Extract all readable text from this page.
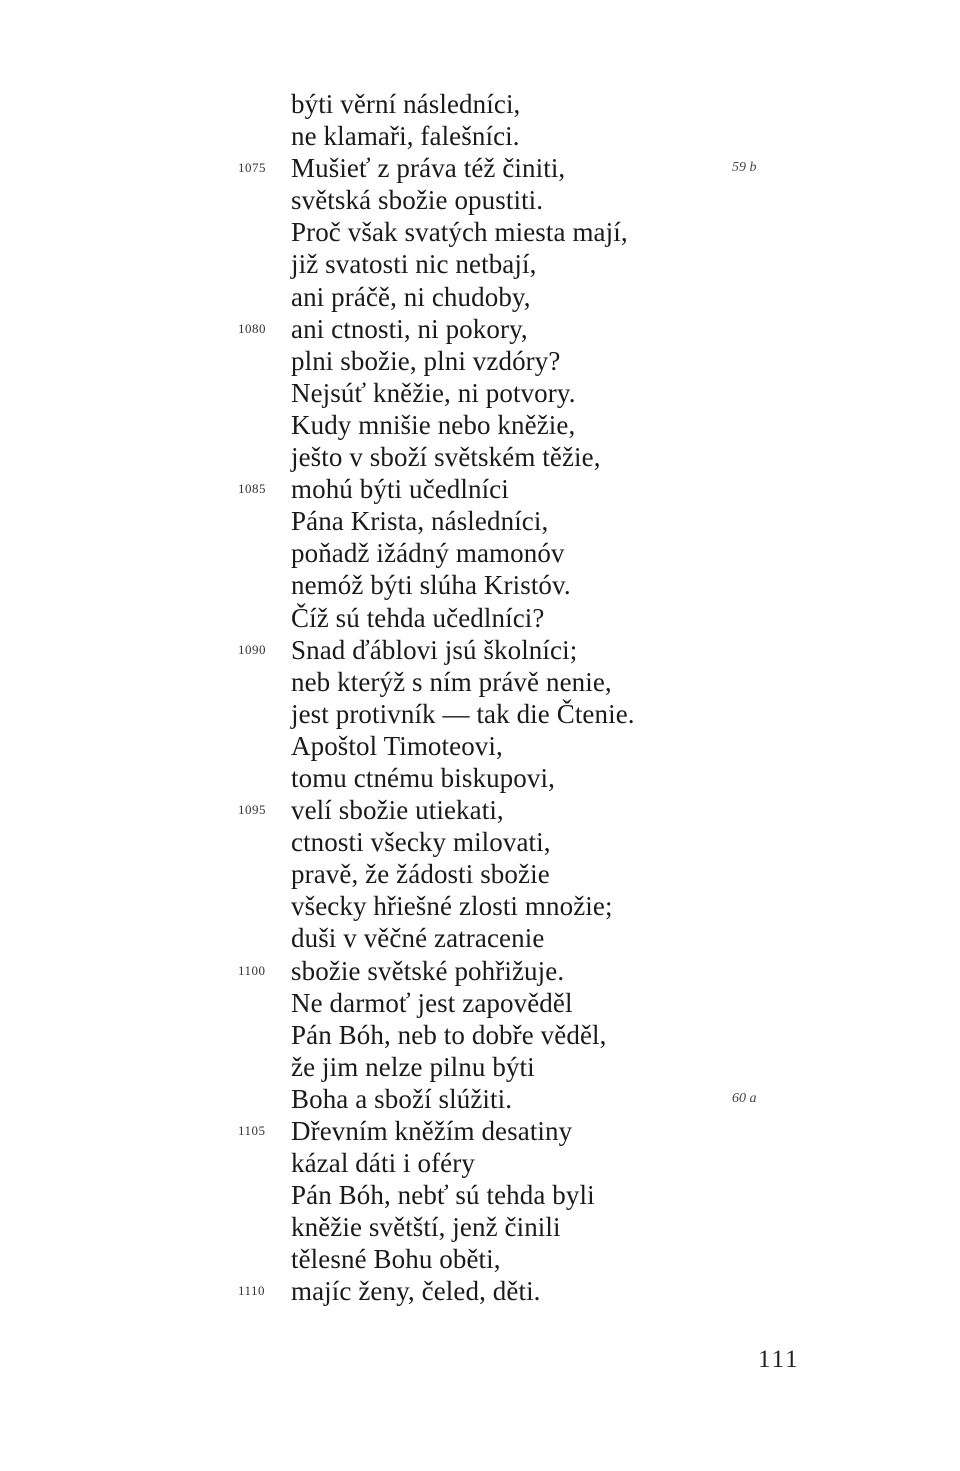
býti věrní následníci,
ne klamaři, falešníci.
1075 Mušieť z práva též činiti,	59 b
světská sbožie opustiti.
Proč však svatých miesta mají,
již svatosti nic netbají,
ani práčě, ni chudoby,
1080 ani ctnosti, ni pokory,
plni sbožie, plni vzdóry?
Nejsúť kněžie, ni potvory.
Kudy mnišie nebo kněžie,
ješto v sboží světském těžie,
1085 mohú býti učedlníci
Pána Krista, následníci,
poňadž ižádný mamonóv
nemóž býti slúha Kristóv.
Číž sú tehda učedlníci?
1090 Snad ďáblovi jsú školníci;
neb kterýž s ním právě nenie,
jest protivník — tak die Čtenie.
Apoštol Timoteovi,
tomu ctnému biskupovi,
1095 velí sbožie utiekati,
ctnosti všecky milovati,
pravě, že žádosti sbožie
všecky hřiešné zlosti množie;
duši v věčné zatracenie
1100 sbožie světské pohřižuje.
Ne darmoť jest zapověděl
Pán Bóh, neb to dobře věděl,
že jim nelze pilnu býti
Boha a sboží slúžiti.	60 a
1105 Dřevním kněžím desatiny
kázal dáti i oféry
Pán Bóh, nebť sú tehda byli
kněžie světští, jenž činili
tělesné Bohu oběti,
1110 majíc ženy, čeled, děti.
111
